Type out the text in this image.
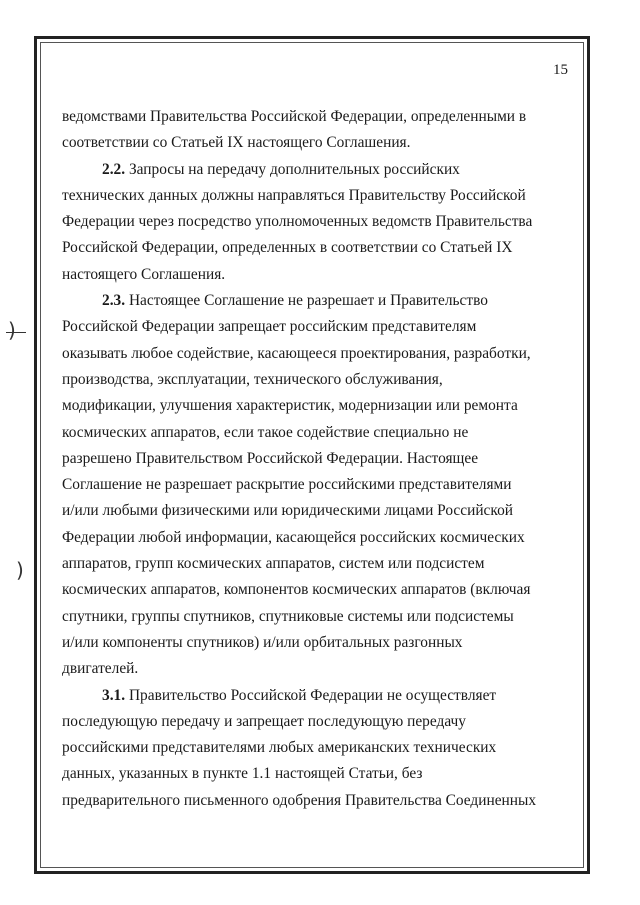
15
)
)
ведомствами Правительства Российской Федерации, определенными в
соответствии со Статьей IX настоящего Соглашения.
2.2. Запросы на передачу дополнительных российских
технических данных должны направляться Правительству Российской
Федерации через посредство уполномоченных ведомств Правительства
Российской Федерации, определенных в соответствии со Статьей IX
настоящего Соглашения.
2.3. Настоящее Соглашение не разрешает и Правительство
Российской Федерации запрещает российским представителям
оказывать любое содействие, касающееся проектирования, разработки,
производства, эксплуатации, технического обслуживания,
модификации, улучшения характеристик, модернизации или ремонта
космических аппаратов, если такое содействие специально не
разрешено Правительством Российской Федерации. Настоящее
Соглашение не разрешает раскрытие российскими представителями
и/или любыми физическими или юридическими лицами Российской
Федерации любой информации, касающейся российских космических
аппаратов, групп космических аппаратов, систем или подсистем
космических аппаратов, компонентов космических аппаратов (включая
спутники, группы спутников, спутниковые системы или подсистемы
и/или компоненты спутников) и/или орбитальных разгонных
двигателей.
3.1. Правительство Российской Федерации не осуществляет
последующую передачу и запрещает последующую передачу
российскими представителями любых американских технических
данных, указанных в пункте 1.1 настоящей Статьи, без
предварительного письменного одобрения Правительства Соединенных
